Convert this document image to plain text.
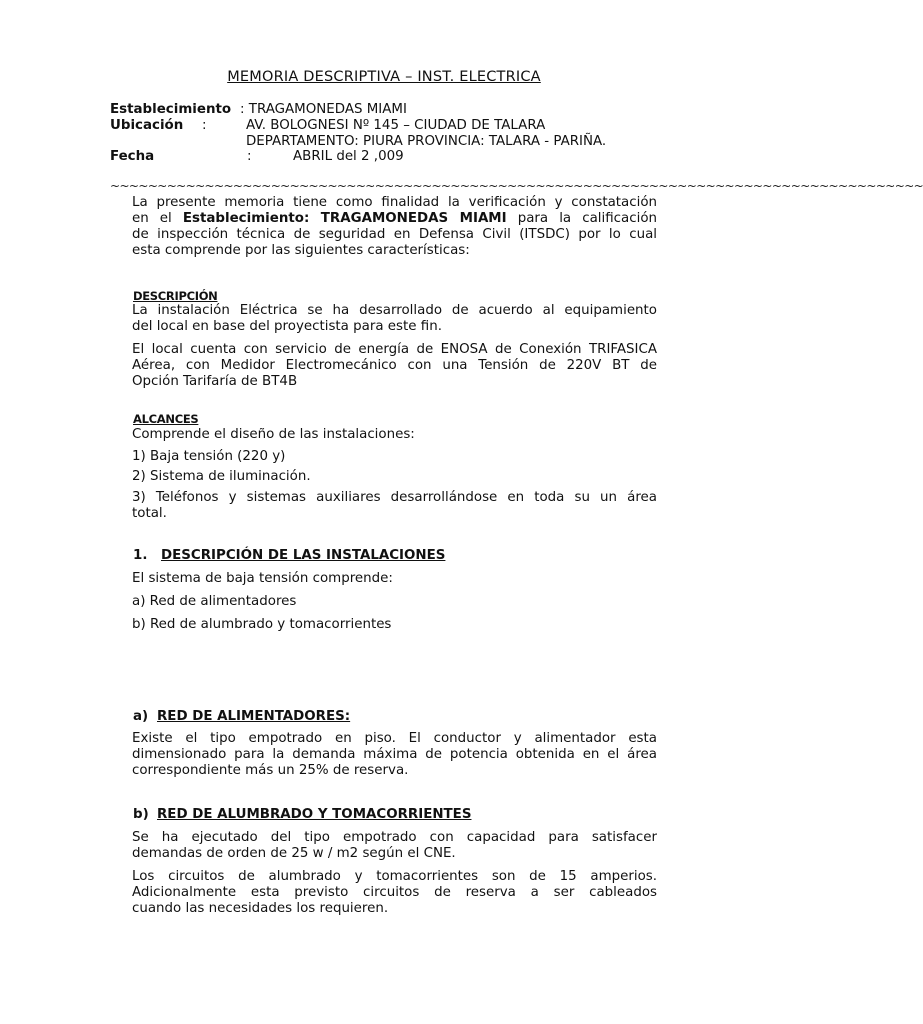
MEMORIA DESCRIPTIVA – INST. ELECTRICA
Establecimiento : TRAGAMONEDAS MIAMI
Ubicación :	AV. BOLOGNESI Nº 145 – CIUDAD DE TALARA
DEPARTAMENTO: PIURA PROVINCIA: TALARA - PARIÑA.
Fecha	:	ABRIL del 2 ,009
~~~~~~~~~~~~~~~~~~~~~~~~~~~~~~~~~~~~~~~~~~~~~~~~~~~~~~~~~~~~~~~~~~~~~~~~~~~~~~~~~~~~~~
La presente memoria tiene como finalidad la verificación y constatación
en el Establecimiento: TRAGAMONEDAS MIAMI para la calificación
de inspección técnica de seguridad en Defensa Civil (ITSDC) por lo cual
esta comprende por las siguientes características:
DESCRIPCIÓN
La instalación Eléctrica se ha desarrollado de acuerdo al equipamiento
del local en base del proyectista para este fin.
El local cuenta con servicio de energía de ENOSA de Conexión TRIFASICA
Aérea, con Medidor Electromecánico con una Tensión de 220V BT de
Opción Tarifaría de BT4B
ALCANCES
Comprende el diseño de las instalaciones:
1) Baja tensión (220 y)
2) Sistema de iluminación.
3) Teléfonos y sistemas auxiliares desarrollándose en toda su un área
total.
1. DESCRIPCIÓN DE LAS INSTALACIONES
El sistema de baja tensión comprende:
a) Red de alimentadores
b) Red de alumbrado y tomacorrientes
a) RED DE ALIMENTADORES:
Existe el tipo empotrado en piso. El conductor y alimentador esta
dimensionado para la demanda máxima de potencia obtenida en el área
correspondiente más un 25% de reserva.
b) RED DE ALUMBRADO Y TOMACORRIENTES
Se ha ejecutado del tipo empotrado con capacidad para satisfacer
demandas de orden de 25 w / m2 según el CNE.
Los circuitos de alumbrado y tomacorrientes son de 15 amperios.
Adicionalmente esta previsto circuitos de reserva a ser cableados
cuando las necesidades los requieren.
